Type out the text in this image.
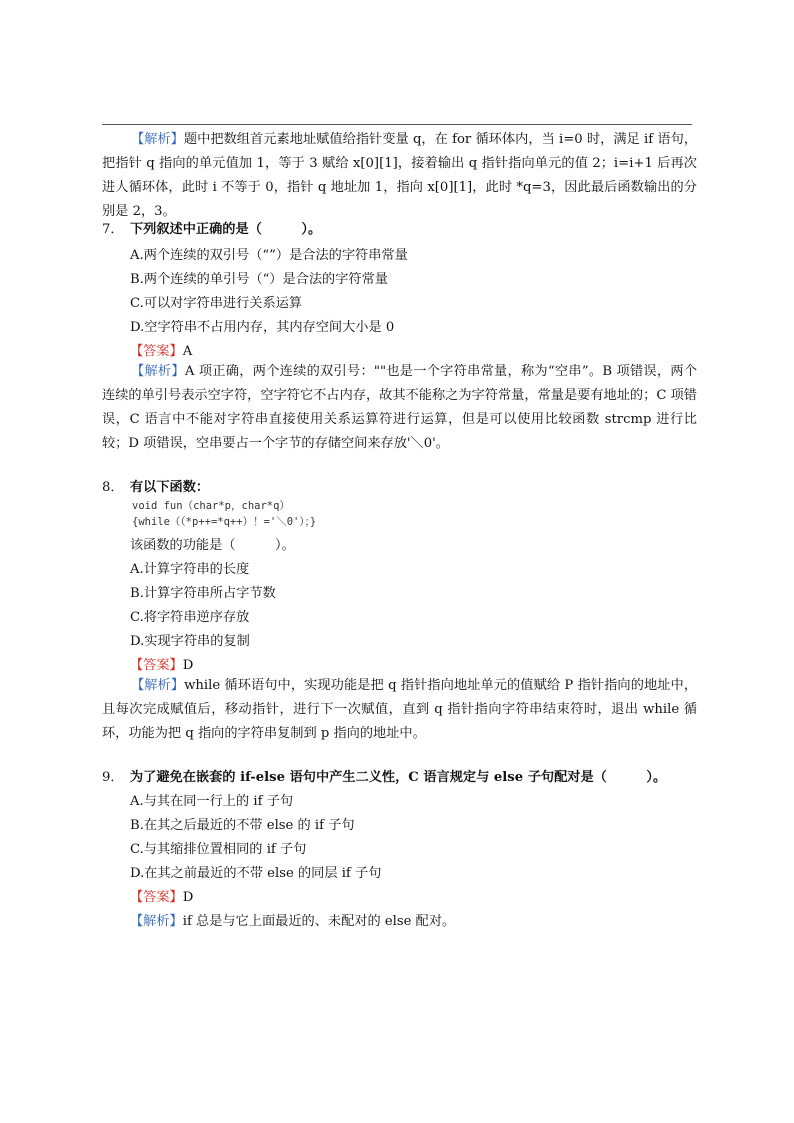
【解析】题中把数组首元素地址赋值给指针变量 q，在 for 循环体内，当 i=0 时，满足 if 语句，把指针 q 指向的单元值加 1，等于 3 赋给 x[0][1]，接着输出 q 指针指向单元的值 2；i=i+1 后再次进人循环体，此时 i 不等于 0，指针 q 地址加 1，指向 x[0][1]，此时 *q=3，因此最后函数输出的分别是 2，3。
7． 下列叙述中正确的是（　　　）。
A.两个连续的双引号（“”）是合法的字符串常量
B.两个连续的单引号（“）是合法的字符常量
C.可以对字符串进行关系运算
D.空字符串不占用内存，其内存空间大小是 0
【答案】A
【解析】A 项正确，两个连续的双引号：""也是一个字符串常量，称为“空串”。B 项错误，两个连续的单引号表示空字符，空字符它不占内存，故其不能称之为字符常量，常量是要有地址的；C 项错误，C 语言中不能对字符串直接使用关系运算符进行运算，但是可以使用比较函数 strcmp 进行比较；D 项错误，空串要占一个字节的存储空间来存放'＼0'。
8． 有以下函数：
void fun（char*p，char*q）
{while（（*p++=*q++）！='＼0'）；}
该函数的功能是（　　　）。
A.计算字符串的长度
B.计算字符串所占字节数
C.将字符串逆序存放
D.实现字符串的复制
【答案】D
【解析】while 循环语句中，实现功能是把 q 指针指向地址单元的值赋给 P 指针指向的地址中，且每次完成赋值后，移动指针，进行下一次赋值，直到 q 指针指向字符串结束符时，退出 while 循环，功能为把 q 指向的字符串复制到 p 指向的地址中。
9． 为了避免在嵌套的 if-else 语句中产生二义性，C 语言规定与 else 子句配对是（　　　）。
A.与其在同一行上的 if 子句
B.在其之后最近的不带 else 的 if 子句
C.与其缩排位置相同的 if 子句
D.在其之前最近的不带 else 的同层 if 子句
【答案】D
【解析】if 总是与它上面最近的、未配对的 else 配对。
